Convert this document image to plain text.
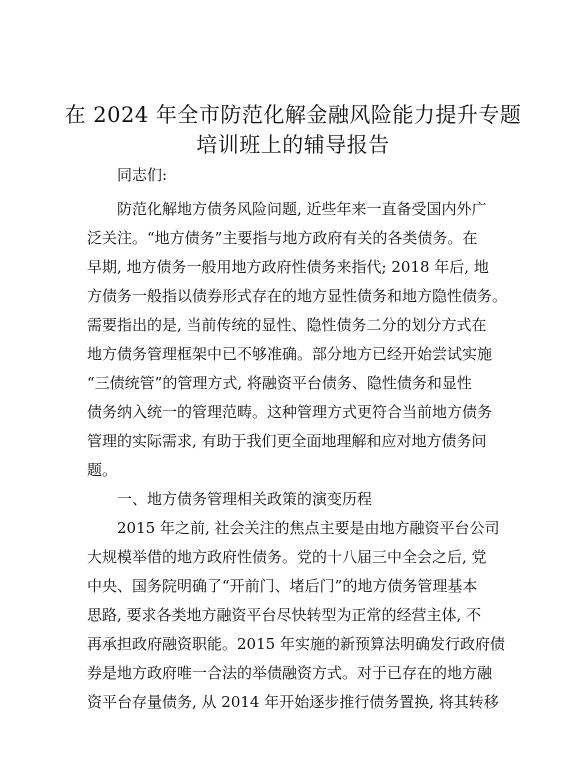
在 2024 年全市防范化解金融风险能力提升专题
培训班上的辅导报告
同志们:
防范化解地方债务风险问题, 近些年来一直备受国内外广
泛关注。“地方债务”主要指与地方政府有关的各类债务。在
早期, 地方债务一般用地方政府性债务来指代; 2018 年后, 地
方债务一般指以债券形式存在的地方显性债务和地方隐性债务。
需要指出的是, 当前传统的显性、隐性债务二分的划分方式在
地方债务管理框架中已不够准确。部分地方已经开始尝试实施
“三债统管”的管理方式, 将融资平台债务、隐性债务和显性
债务纳入统一的管理范畴。这种管理方式更符合当前地方债务
管理的实际需求, 有助于我们更全面地理解和应对地方债务问
题。
一、地方债务管理相关政策的演变历程
2015 年之前, 社会关注的焦点主要是由地方融资平台公司
大规模举借的地方政府性债务。党的十八届三中全会之后, 党
中央、国务院明确了“开前门、堵后门”的地方债务管理基本
思路, 要求各类地方融资平台尽快转型为正常的经营主体, 不
再承担政府融资职能。2015 年实施的新预算法明确发行政府债
券是地方政府唯一合法的举债融资方式。对于已存在的地方融
资平台存量债务, 从 2014 年开始逐步推行债务置换, 将其转移
